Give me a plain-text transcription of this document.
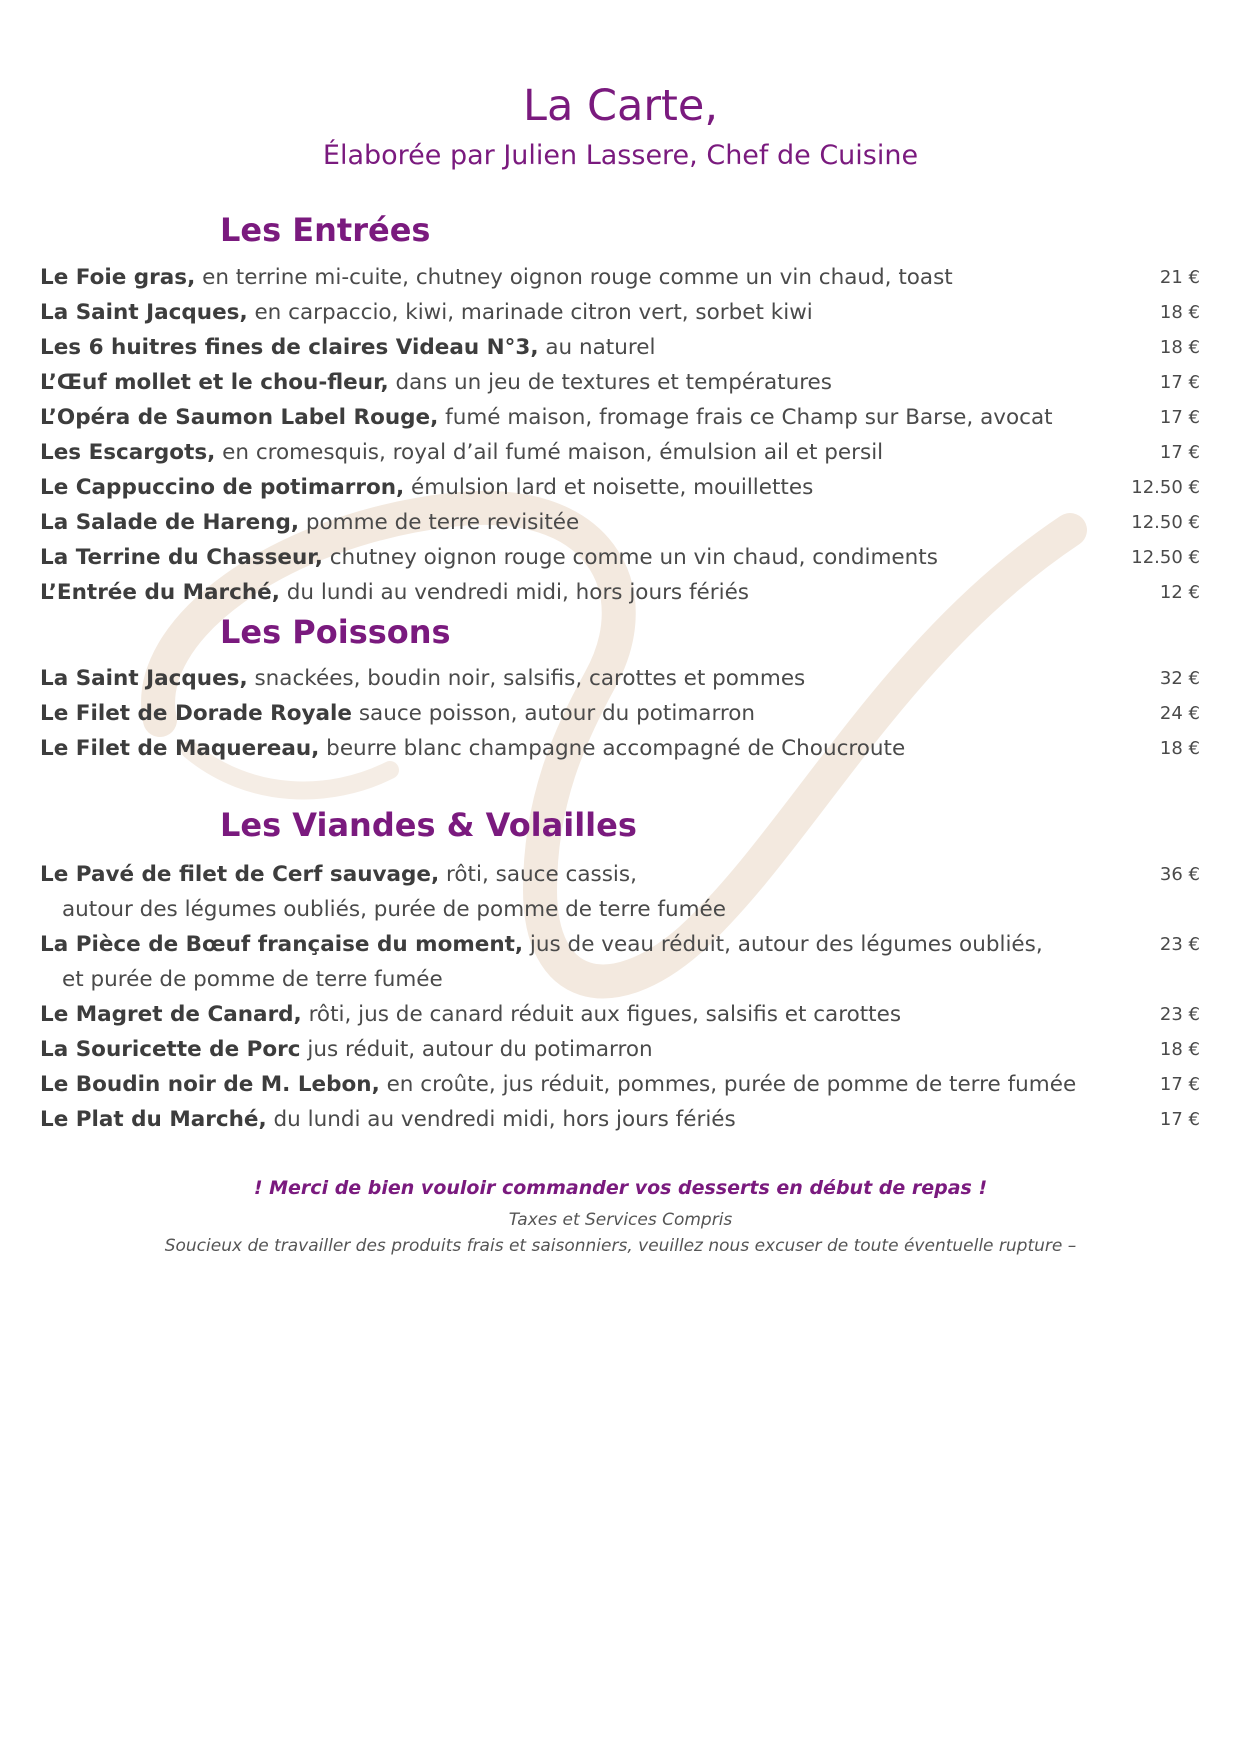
La Carte,
Élaborée par Julien Lassere, Chef de Cuisine
Les Entrées
Le Foie gras, en terrine mi-cuite, chutney oignon rouge comme un vin chaud, toast	21 €
La Saint Jacques, en carpaccio, kiwi, marinade citron vert, sorbet kiwi	18 €
Les 6 huitres fines de claires Videau N°3, au naturel	18 €
L’Œuf mollet et le chou-fleur, dans un jeu de textures et températures	17 €
L’Opéra de Saumon Label Rouge, fumé maison, fromage frais ce Champ sur Barse, avocat	17 €
Les Escargots, en cromesquis, royal d’ail fumé maison, émulsion ail et persil	17 €
Le Cappuccino de potimarron, émulsion lard et noisette, mouillettes	12.50 €
La Salade de Hareng, pomme de terre revisitée	12.50 €
La Terrine du Chasseur, chutney oignon rouge comme un vin chaud, condiments	12.50 €
L’Entrée du Marché, du lundi au vendredi midi, hors jours fériés	12 €
Les Poissons
La Saint Jacques, snackées, boudin noir, salsifis, carottes et pommes	32 €
Le Filet de Dorade Royale sauce poisson, autour du potimarron	24 €
Le Filet de Maquereau, beurre blanc champagne accompagné de Choucroute	18 €
Les Viandes & Volailles
Le Pavé de filet de Cerf sauvage, rôti, sauce cassis,	36 €
autour des légumes oubliés, purée de pomme de terre fumée
La Pièce de Bœuf française du moment, jus de veau réduit, autour des légumes oubliés,	23 €
et purée de pomme de terre fumée
Le Magret de Canard, rôti, jus de canard réduit aux figues, salsifis et carottes	23 €
La Souricette de Porc jus réduit, autour du potimarron	18 €
Le Boudin noir de M. Lebon, en croûte, jus réduit, pommes, purée de pomme de terre fumée	17 €
Le Plat du Marché, du lundi au vendredi midi, hors jours fériés	17 €
! Merci de bien vouloir commander vos desserts en début de repas !
Taxes et Services Compris
Soucieux de travailler des produits frais et saisonniers, veuillez nous excuser de toute éventuelle rupture –
